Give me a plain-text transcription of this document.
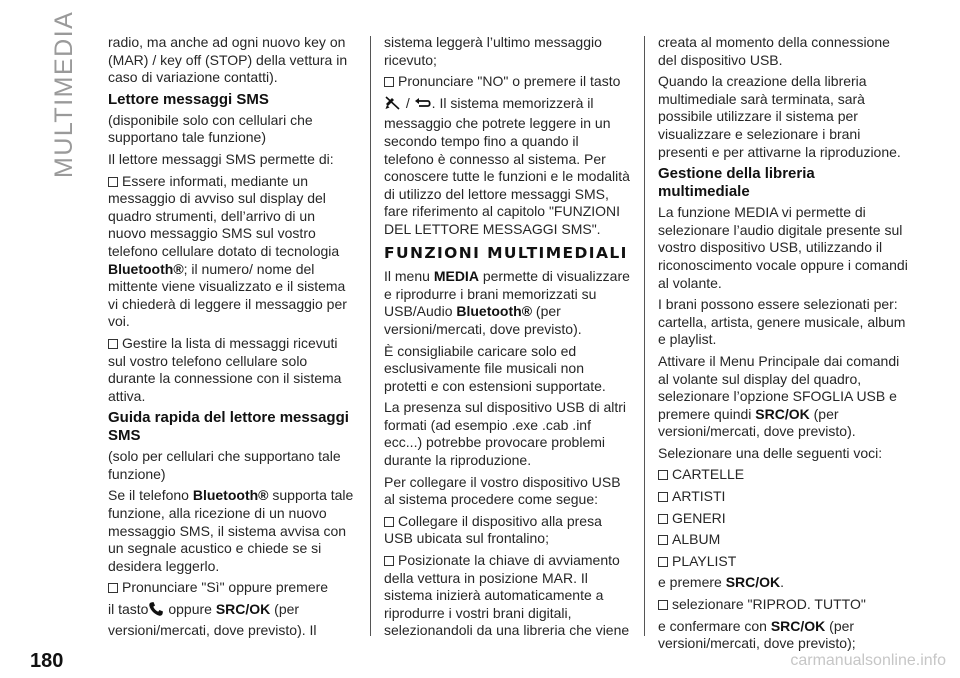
MULTIMEDIA
180	carmanualsonline.info

radio, ma anche ad ogni nuovo key on (MAR) / key off (STOP) della vettura in caso di variazione contatti).

Lettore messaggi SMS

(disponibile solo con cellulari che supportano tale funzione)

Il lettore messaggi SMS permette di:

Essere informati, mediante un messaggio di avviso sul display del quadro strumenti, dell’arrivo di un nuovo messaggio SMS sul vostro telefono cellulare dotato di tecnologia Bluetooth®; il numero/ nome del mittente viene visualizzato e il sistema vi chiederà di leggere il messaggio per voi.

Gestire la lista di messaggi ricevuti sul vostro telefono cellulare solo durante la connessione con il sistema attiva.

Guida rapida del lettore messaggi SMS

(solo per cellulari che supportano tale funzione)

Se il telefono Bluetooth® supporta tale funzione, alla ricezione di un nuovo messaggio SMS, il sistema avvisa con un segnale acustico e chiede se si desidera leggerlo.

Pronunciare "Sì" oppure premere

il tasto oppure SRC/OK (per versioni/mercati, dove previsto). Il

sistema leggerà l’ultimo messaggio ricevuto;

Pronunciare "NO" o premere il tasto

/ . Il sistema memorizzerà il messaggio che potrete leggere in un secondo tempo fino a quando il telefono è connesso al sistema. Per conoscere tutte le funzioni e le modalità di utilizzo del lettore messaggi SMS, fare riferimento al capitolo "FUNZIONI DEL LETTORE MESSAGGI SMS".

FUNZIONI MULTIMEDIALI

Il menu MEDIA permette di visualizzare e riprodurre i brani memorizzati su USB/Audio Bluetooth® (per versioni/mercati, dove previsto).

È consigliabile caricare solo ed esclusivamente file musicali non protetti e con estensioni supportate.

La presenza sul dispositivo USB di altri formati (ad esempio .exe .cab .inf ecc...) potrebbe provocare problemi durante la riproduzione.

Per collegare il vostro dispositivo USB al sistema procedere come segue:

Collegare il dispositivo alla presa USB ubicata sul frontalino;

Posizionate la chiave di avviamento della vettura in posizione MAR. Il sistema inizierà automaticamente a riprodurre i vostri brani digitali, selezionandoli da una libreria che viene

creata al momento della connessione del dispositivo USB.

Quando la creazione della libreria multimediale sarà terminata, sarà possibile utilizzare il sistema per visualizzare e selezionare i brani presenti e per attivarne la riproduzione.

Gestione della libreria multimediale

La funzione MEDIA vi permette di selezionare l’audio digitale presente sul vostro dispositivo USB, utilizzando il riconoscimento vocale oppure i comandi al volante.

I brani possono essere selezionati per: cartella, artista, genere musicale, album e playlist.

Attivare il Menu Principale dai comandi al volante sul display del quadro, selezionare l’opzione SFOGLIA USB e premere quindi SRC/OK (per versioni/mercati, dove previsto).

Selezionare una delle seguenti voci:

CARTELLE

ARTISTI

GENERI

ALBUM

PLAYLIST

e premere SRC/OK.

selezionare "RIPROD. TUTTO"

e confermare con SRC/OK (per versioni/mercati, dove previsto);
